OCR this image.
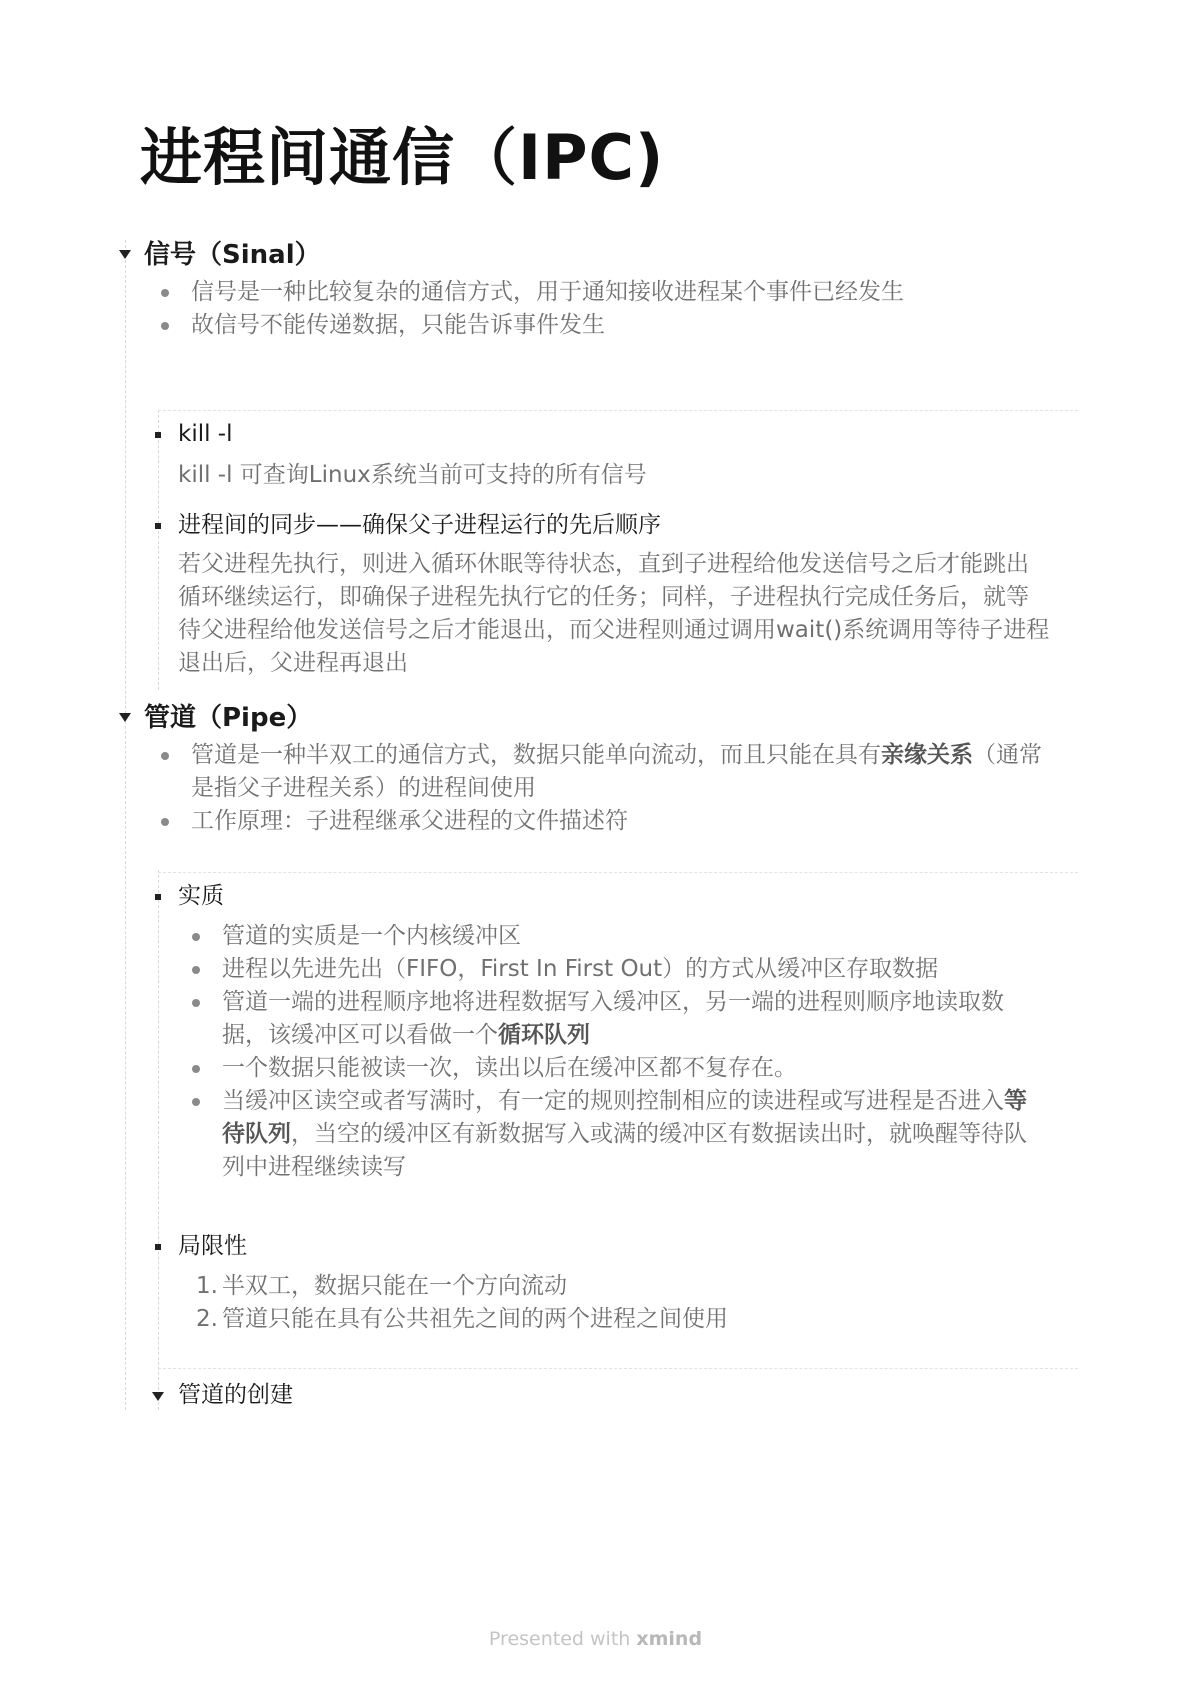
进程间通信（IPC)
信号（Sinal）
信号是一种比较复杂的通信方式，用于通知接收进程某个事件已经发生
故信号不能传递数据，只能告诉事件发生
kill -l
kill -l 可查询Linux系统当前可支持的所有信号
进程间的同步——确保父子进程运行的先后顺序
若父进程先执行，则进入循环休眠等待状态，直到子进程给他发送信号之后才能跳出
循环继续运行，即确保子进程先执行它的任务；同样，子进程执行完成任务后，就等
待父进程给他发送信号之后才能退出，而父进程则通过调用wait()系统调用等待子进程
退出后，父进程再退出
管道（Pipe）
管道是一种半双工的通信方式，数据只能单向流动，而且只能在具有亲缘关系（通常
是指父子进程关系）的进程间使用
工作原理：子进程继承父进程的文件描述符
实质
管道的实质是一个内核缓冲区
进程以先进先出（FIFO，First In First Out）的方式从缓冲区存取数据
管道一端的进程顺序地将进程数据写入缓冲区，另一端的进程则顺序地读取数
据，该缓冲区可以看做一个循环队列
一个数据只能被读一次，读出以后在缓冲区都不复存在。
当缓冲区读空或者写满时，有一定的规则控制相应的读进程或写进程是否进入等
待队列，当空的缓冲区有新数据写入或满的缓冲区有数据读出时，就唤醒等待队
列中进程继续读写
局限性
1. 半双工，数据只能在一个方向流动
2. 管道只能在具有公共祖先之间的两个进程之间使用
管道的创建
Presented with xmind
